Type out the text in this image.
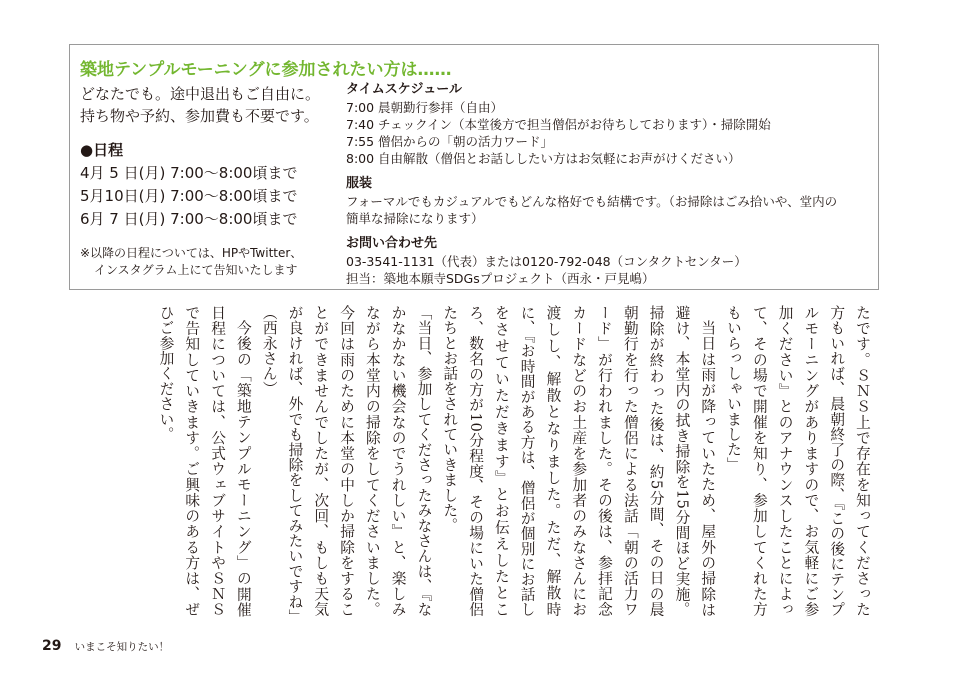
築地テンプルモーニングに参加されたい方は……

どなたでも。途中退出もご自由に。

持ち物や予約、参加費も不要です。

●日程

4月 5 日(月) 7:00〜8:00頃まで

5月10日(月) 7:00〜8:00頃まで

6月 7 日(月) 7:00〜8:00頃まで

※以降の日程については、HPやTwitter、
インスタグラム上にて告知いたします

タイムスケジュール

7:00 晨朝勤行参拝（自由）

7:40 チェックイン（本堂後方で担当僧侶がお待ちしております）・掃除開始

7:55 僧侶からの「朝の活力ワード」

8:00 自由解散（僧侶とお話ししたい方はお気軽にお声がけください）

服装

フォーマルでもカジュアルでもどんな格好でも結構です。（お掃除はごみ拾いや、堂内の

簡単な掃除になります）

お問い合わせ先

03-3541-1131（代表）または0120-792-048（コンタクトセンター）

担当：築地本願寺SDGsプロジェクト（西永・戸見嶋）

たです。ＳＮＳ上で存在を知ってくださった方もいれば、晨朝終了の際、『この後にテンプルモーニングがありますので、お気軽にご参加ください』とのアナウンスしたことによって、その場で開催を知り、参加してくれた方もいらっしゃいました」

当日は雨が降っていたため、屋外の掃除は避け、本堂内の拭き掃除を15分間ほど実施。掃除が終わった後は、約5分間、その日の晨朝勤行を行った僧侶による法話「朝の活力ワード」が行われました。その後は、参拝記念カードなどのお土産を参加者のみなさんにお渡しし、解散となりました。ただ、解散時に、『お時間がある方は、僧侶が個別にお話しをさせていただきます』とお伝えしたところ、数名の方が10分程度、その場にいた僧侶たちとお話をされていきました。

「当日、参加してくださったみなさんは、『なかなかない機会なのでうれしい』と、楽しみながら本堂内の掃除をしてくださいました。今回は雨のために本堂の中しか掃除をすることができませんでしたが、次回、もしも天気が良ければ、外でも掃除をしてみたいですね」（西永さん）

今後の「築地テンプルモーニング」の開催日程については、公式ウェブサイトやＳＮＳで告知していきます。ご興味のある方は、ぜひご参加ください。

29 いまこそ知りたい！
